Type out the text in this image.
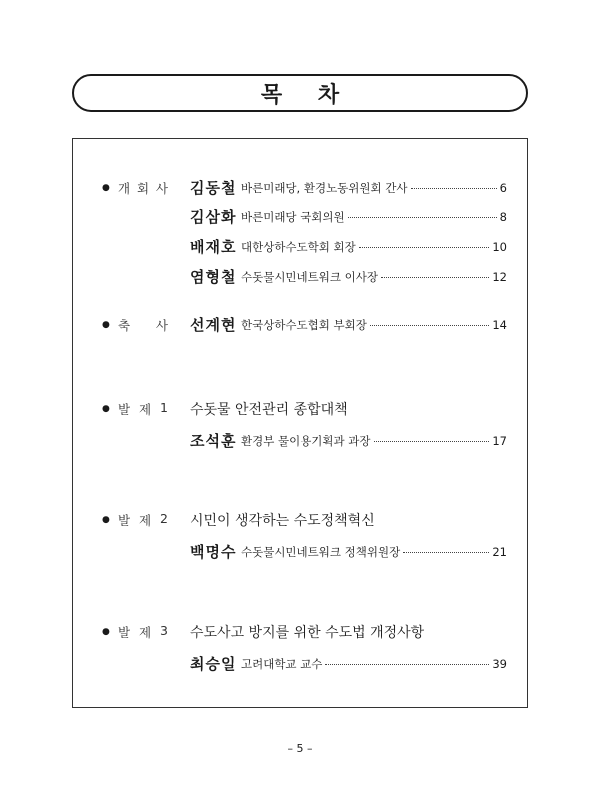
목 차
● 개 회 사 김동철 바른미래당, 환경노동위원회 간사	6
김삼화 바른미래당 국회의원	8
배재호 대한상하수도학회 회장	10
염형철 수돗물시민네트워크 이사장	12
● 축 사 선계현 한국상하수도협회 부회장	14
● 발 제 1 수돗물 안전관리 종합대책
조석훈 환경부 물이용기획과 과장	17
● 발 제 2 시민이 생각하는 수도정책혁신
백명수 수돗물시민네트워크 정책위원장	21
● 발 제 3 수도사고 방지를 위한 수도법 개정사항
최승일 고려대학교 교수	39
– 5 –
